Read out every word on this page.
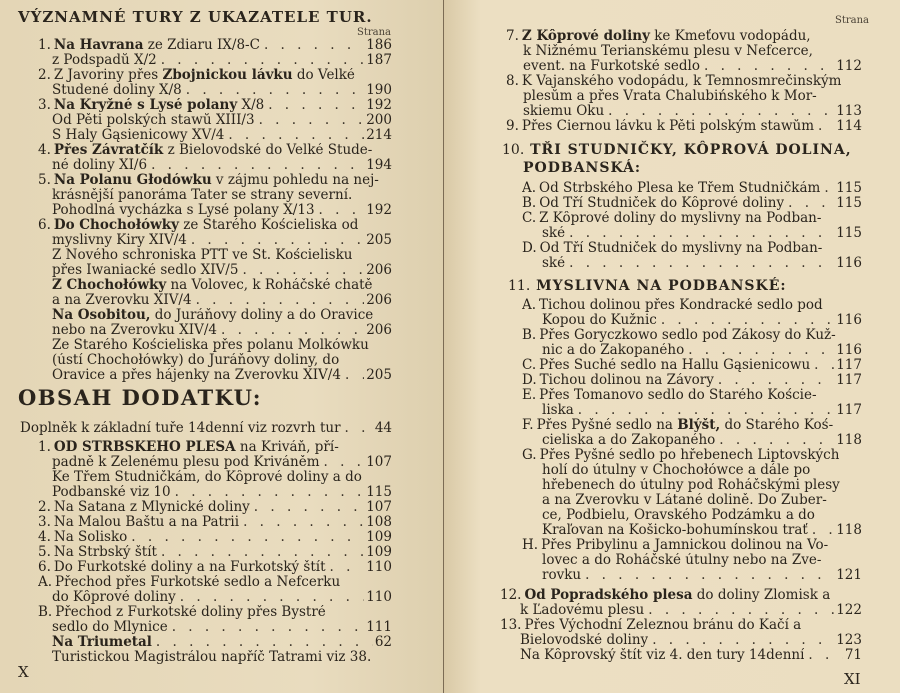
VÝZNAMNÉ TURY Z UKAZATELE TUR.
Strana
1. Na Havrana ze Ždiaru IX/8-C . . .	186
z Podspadů X/2 . . .	187
2. Z Javoriny přes Zbojnickou lávku do Velké
Studené doliny X/8 . . .	190
3. Na Kryžné s Lysé polany X/8 . . .	192
Od Pěti polských stawů XIII/3 . . .	200
S Haly Gąsienicowy XV/4 . . .	214
4. Přes Závratčík z Bielovodské do Velké Stude-
né doliny XI/6 . . .	194
5. Na Polanu Głodówku v zájmu pohledu na nej-
krásnější panoráma Tater se strany severní.
Pohodlná vycházka s Lysé polany X/13 . . .	192
6. Do Chochołówky ze Starého Kościeliska od
myslivny Kiry XIV/4 . . .	205
Z Nového schroniska PTT ve St. Kościelisku
přes Iwaniacké sedlo XIV/5 . . .	206
Z Chochołówky na Volovec, k Roháčské chatě
a na Zverovku XIV/4 . . .	206
Na Osobitou, do Juráňovy doliny a do Oravice
nebo na Zverovku XIV/4 . . .	206
Ze Starého Kościeliska přes polanu Molkówku
(ústí Chochołówky) do Juráňovy doliny, do
Oravice a přes hájenky na Zverovku XIV/4 . . . 205
OBSAH DODATKU:
Doplněk k základní tuře 14denní viz rozvrh tur . . .	44
1. OD ŠTRBSKÉHO PLESA na Kriváň, pří-
padně k Zelenému plesu pod Kriváněm . . .	107
Ke Třem Studničkám, do Kôprové doliny a do
Podbanské viz 10 . . .	115
2. Na Satana z Mlynické doliny . . .	107
3. Na Malou Baštu a na Patrii . . .	108
4. Na Solisko . . .	109
5. Na Štrbský štít . . .	109
6. Do Furkotské doliny a na Furkotský štít . . .	110
A. Přechod přes Furkotské sedlo a Nefcerku
do Kôprové doliny . . .	110
B. Přechod z Furkotské doliny přes Bystré
sedlo do Mlynice . . .	111
Na Triumetal . . .	62
Turistickou Magistrálou napříč Tatrami viz 38.
X
Strana
7. Z Kôprové doliny ke Kmeťovu vodopádu,
k Nižnému Terianskému plesu v Nefcerce,
event. na Furkotské sedlo . . .	112
8. K Vajanského vodopádu, k Temnosmrečinským
plesům a přes Vrata Chalubińského k Mor-
skiemu Oku . . .	113
9. Přes Čiernou lávku k Pěti polským stawům . . . 114
10. TŘI STUDNIČKY, KÔPROVÁ DOLINA,
PODBANSKÁ:
A. Od Štrbského Plesa ke Třem Studničkám . . . 115
B. Od Tří Studniček do Kôprové doliny . . .	115
C. Z Kôprové doliny do myslivny na Podban-
ské . . .	115
D. Od Tří Studniček do myslivny na Podban-
ské . . .	116
11. MYSLIVNA NA PODBANSKÉ:
A. Tichou dolinou přes Kondracké sedlo pod
Kopou do Kužnic . . .	116
B. Přes Goryczkowo sedlo pod Zákosy do Kuž-
nic a do Zakopaného . . .	116
C. Přes Suché sedlo na Hallu Gąsienicowu . . . 117
D. Tichou dolinou na Závory . . .	117
E. Přes Tomanovo sedlo do Starého Koście-
liska . . .	117
F. Přes Pyšné sedlo na Blýšt, do Starého Koś-
cieliska a do Zakopaného . . .	118
G. Přes Pyšné sedlo po hřebenech Liptovských
holí do útulny v Chochołówce a dále po
hřebenech do útulny pod Roháčskými plesy
a na Zverovku v Látané dolině. Do Zuber-
ce, Podbielu, Oravského Podzámku a do
Kraľovan na Košicko-bohumínskou trať . . . 118
H. Přes Pribylinu a Jamnickou dolinou na Vo-
lovec a do Roháčské útulny nebo na Zve-
rovku . . .	121
12. Od Popradského plesa do doliny Zlomisk a
k Ľadovému plesu . . .	122
13. Přes Východní Železnou bránu do Kačí a
Bielovodské doliny . . .	123
Na Kôprovský štít viz 4. den tury 14denní . . .	71
XI
